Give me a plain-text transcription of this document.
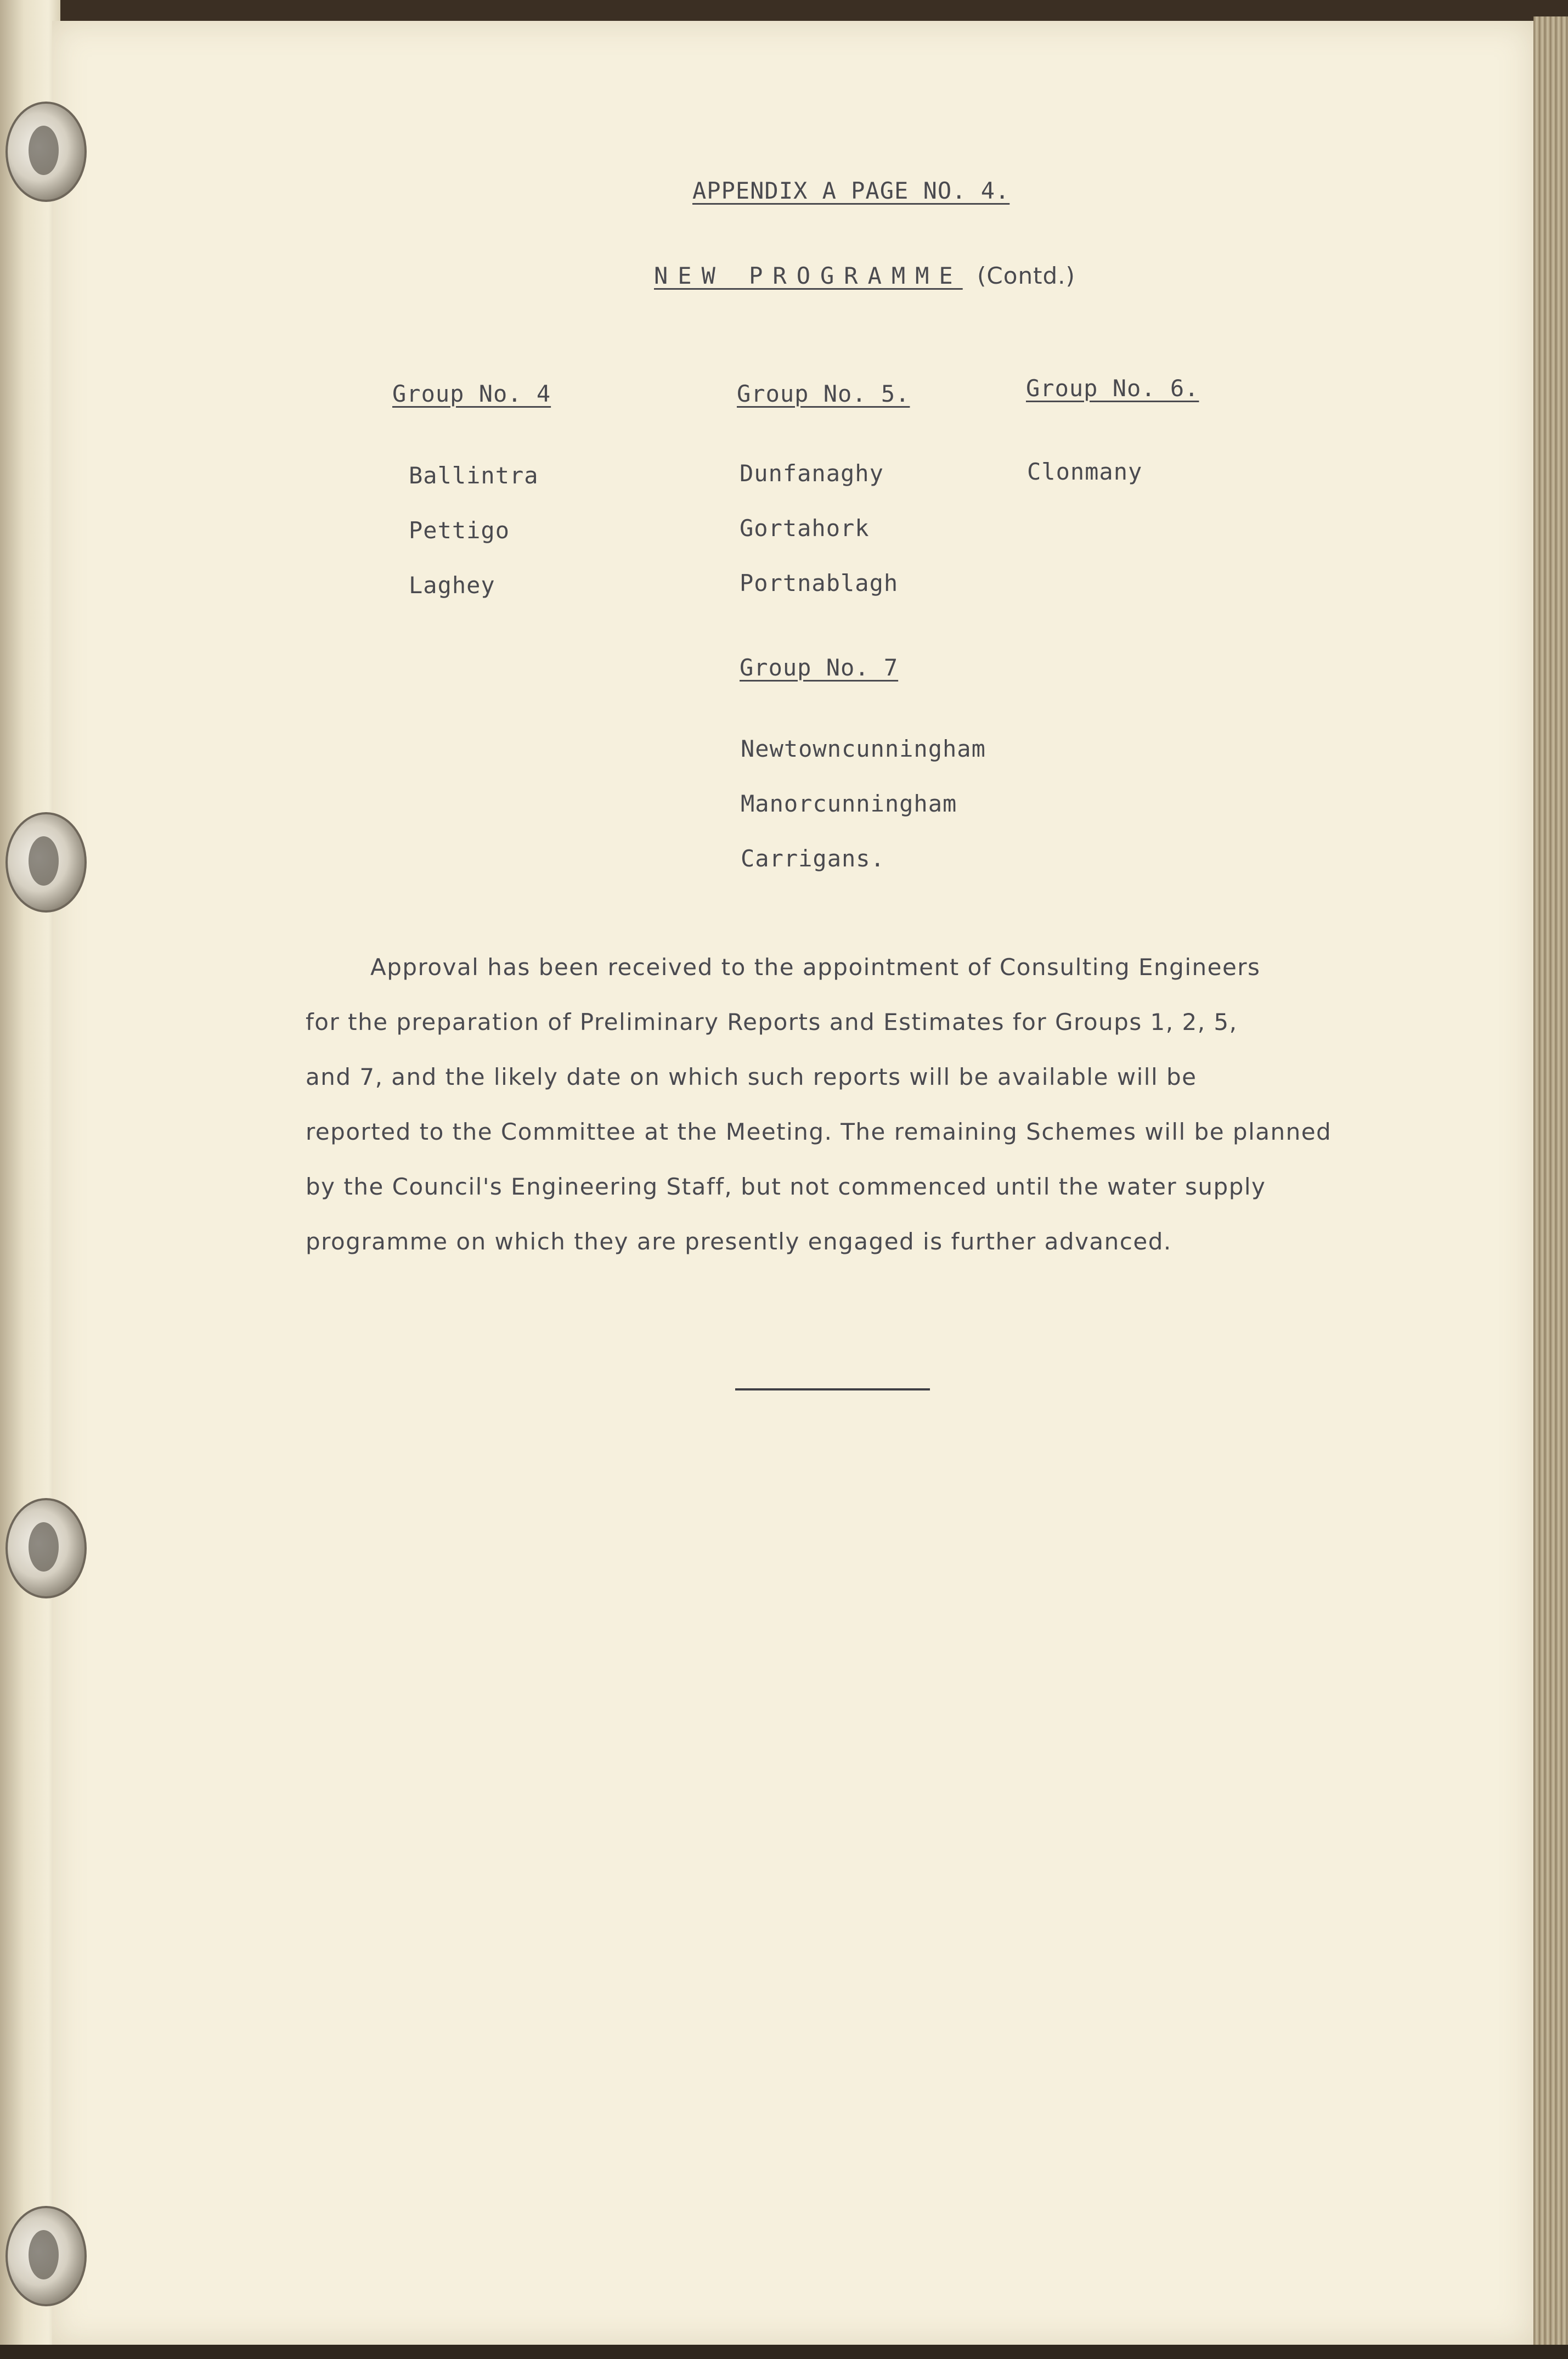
APPENDIX A PAGE NO. 4.
NEW PROGRAMME (Contd.)
Group No. 4
Ballintra
Pettigo
Laghey
Group No. 5.
Dunfanaghy
Gortahork
Portnablagh
Group No. 6.
Clonmany
Group No. 7
Newtowncunningham
Manorcunningham
Carrigans.
Approval has been received to the appointment of Consulting Engineers
for the preparation of Preliminary Reports and Estimates for Groups 1, 2, 5,
and 7, and the likely date on which such reports will be available will be
reported to the Committee at the Meeting. The remaining Schemes will be planned
by the Council's Engineering Staff, but not commenced until the water supply
programme on which they are presently engaged is further advanced.
